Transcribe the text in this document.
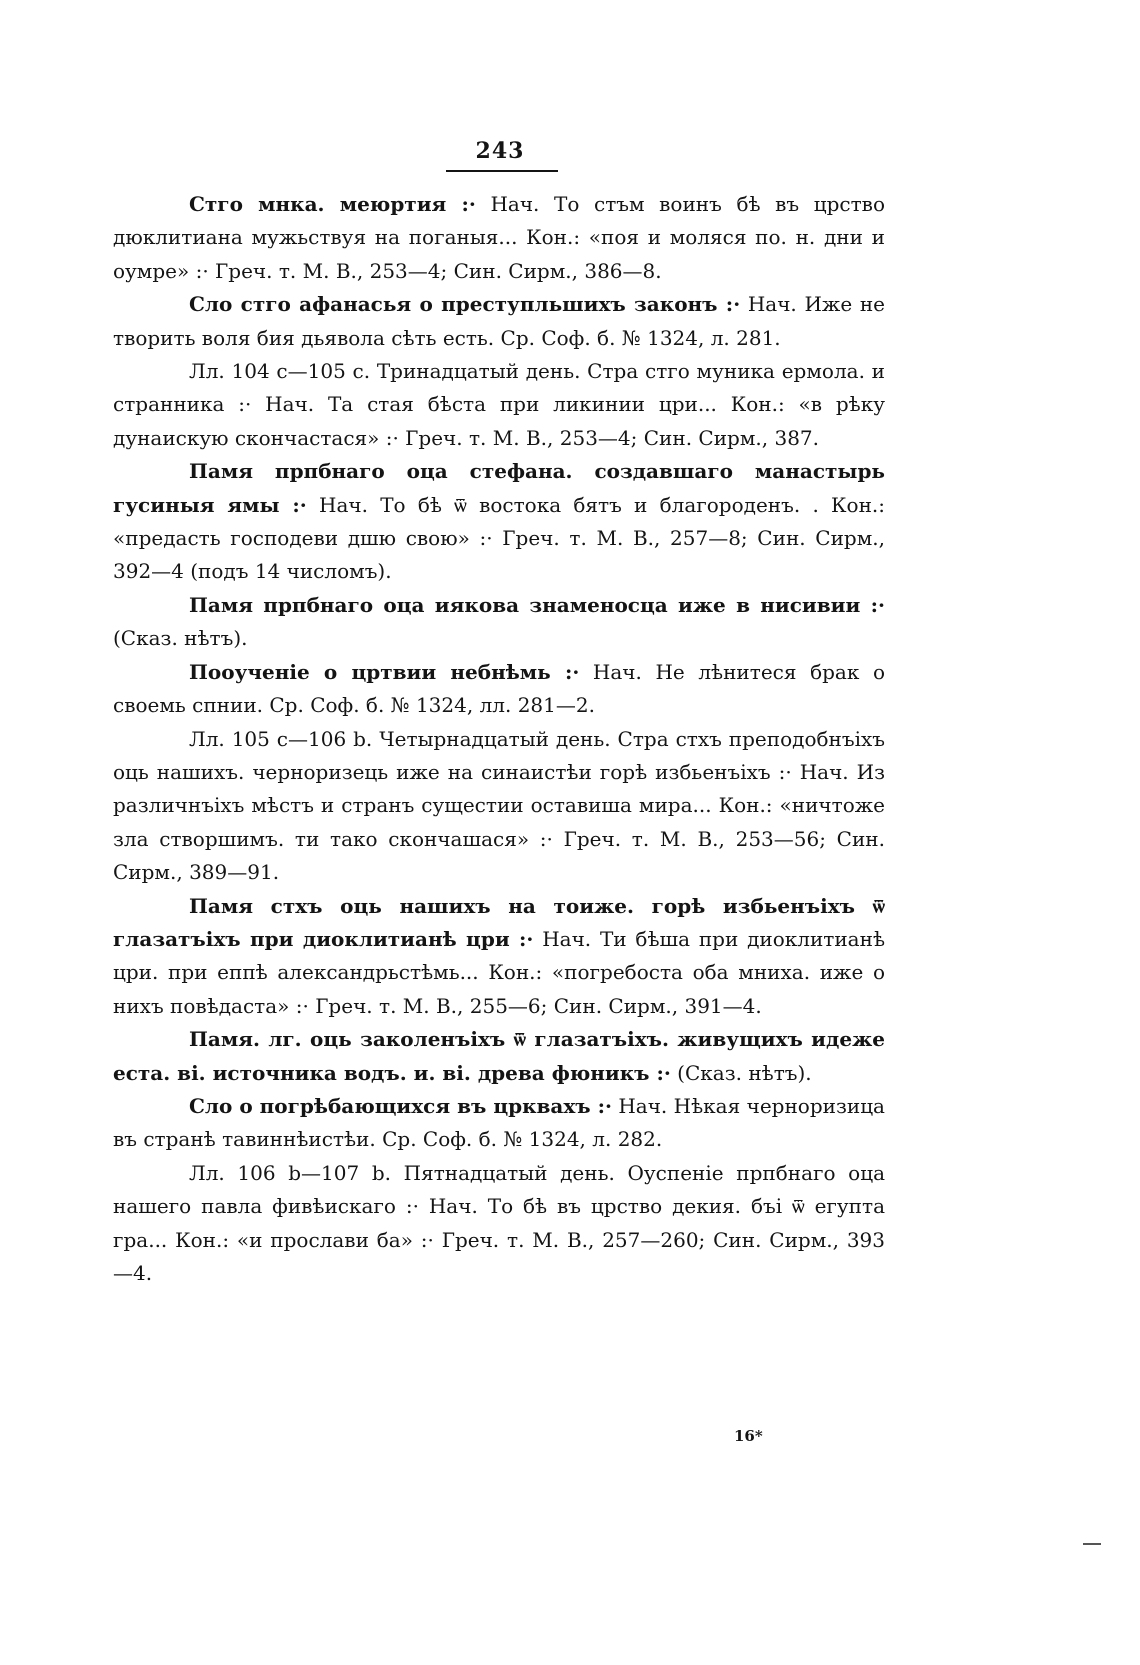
243

Стго мнка. меюртия :· Нач. То стъм воинъ бѣ въ црство дюклитиана мужьствуя на поганыя... Кон.: «поя и моляся по. н. дни и оумре» :· Греч. т. М. В., 253—4; Син. Сирм., 386—8.

Сло стго афанасья о преступльшихъ законъ :· Нач. Иже не творить воля бия дьявола сѣть есть. Ср. Соф. б. № 1324, л. 281.

Лл. 104 с—105 с. Тринадцатый день. Стра стго муника ермола. и странника :· Нач. Та стая бѣста при ликинии цри... Кон.: «в рѣку дунаискую скончастася» :· Греч. т. М. В., 253—4; Син. Сирм., 387.

Памя прпбнаго оца стефана. создавшаго манастырь гусиныя ямы :· Нач. То бѣ ѿ востока бятъ и благороденъ. . Кон.: «предасть господеви дшю свою» :· Греч. т. М. В., 257—8; Син. Сирм., 392—4 (подъ 14 числомъ).

Памя прпбнаго оца иякова знаменосца иже в нисивии :· (Сказ. нѣтъ).

Поoученіе о цртвии небнѣмь :· Нач. Не лѣнитеся брак о своемь спнии. Ср. Соф. б. № 1324, лл. 281—2.

Лл. 105 с—106 b. Четырнадцатый день. Стра стхъ преподобнъіхъ оць нашихъ. черноризець иже на синаистѣи горѣ избьенъіхъ :· Нач. Из различнъіхъ мѣстъ и странъ сущестии оставиша мира... Кон.: «ничтоже зла створшимъ. ти тако скончашася» :· Греч. т. М. В., 253—56; Син. Сирм., 389—91.

Памя стхъ оць нашихъ на тоиже. горѣ избьенъіхъ ѿ глазатъіхъ при диоклитианѣ цри :· Нач. Ти бѣша при диоклитианѣ цри. при еппѣ александрьстѣмь... Кон.: «погребоста оба мниха. иже о нихъ повѣдаста» :· Греч. т. М. В., 255—6; Син. Сирм., 391—4.

Памя. лг. оць заколенъіхъ ѿ глазатъіхъ. живущихъ идеже еста. ві. источника водъ. и. ві. древа фюникъ :· (Сказ. нѣтъ).

Сло о погрѣбающихся въ црквахъ :· Нач. Нѣкая черноризица въ странѣ тавиннѣистѣи. Ср. Соф. б. № 1324, л. 282.

Лл. 106 b—107 b. Пятнадцатый день. Оуспеніе прпбнаго оца нашего павла фивѣискаго :· Нач. То бѣ въ црство декия. бъі ѿ егупта гра... Кон.: «и прослави ба» :· Греч. т. М. В., 257—260; Син. Сирм., 393—4.

16*
